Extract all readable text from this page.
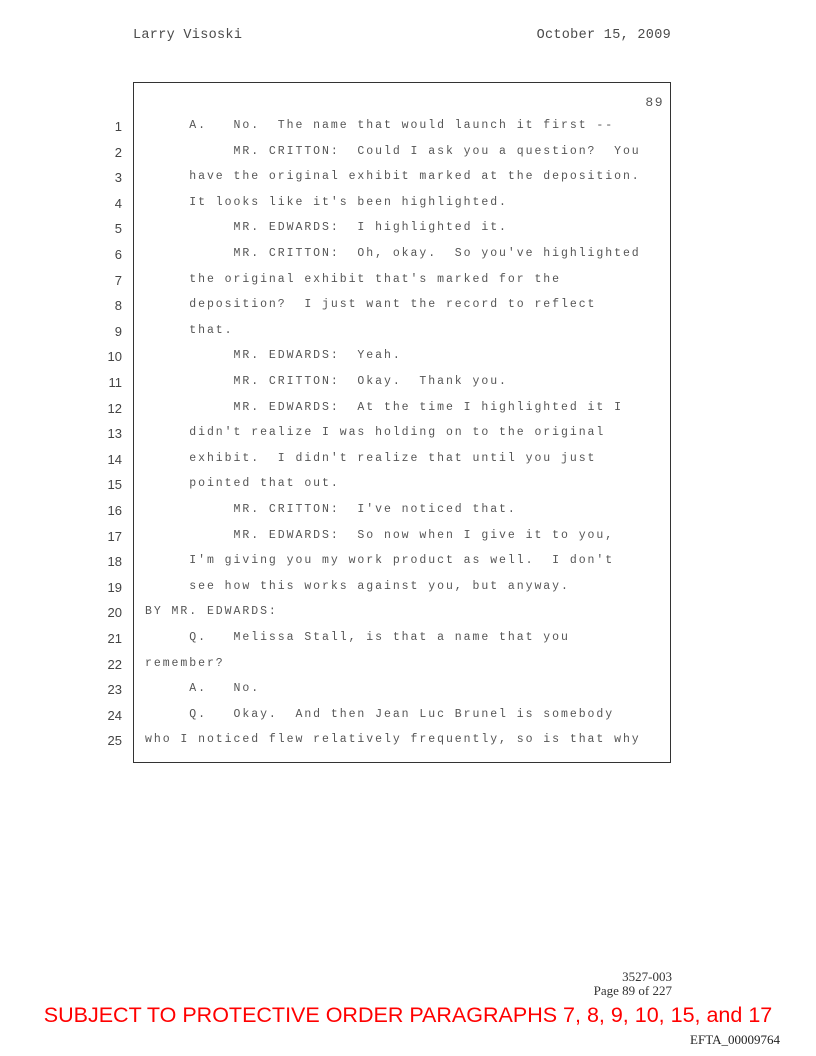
Larry Visoski	October 15, 2009
89
1 A.   No.  The name that would launch it first --
2 MR. CRITTON:  Could I ask you a question?  You
3 have the original exhibit marked at the deposition.
4 It looks like it's been highlighted.
5 MR. EDWARDS:  I highlighted it.
6 MR. CRITTON:  Oh, okay.  So you've highlighted
7 the original exhibit that's marked for the
8 deposition?  I just want the record to reflect
9 that.
10 MR. EDWARDS:  Yeah.
11 MR. CRITTON:  Okay.  Thank you.
12 MR. EDWARDS:  At the time I highlighted it I
13 didn't realize I was holding on to the original
14 exhibit.  I didn't realize that until you just
15 pointed that out.
16 MR. CRITTON:  I've noticed that.
17 MR. EDWARDS:  So now when I give it to you,
18 I'm giving you my work product as well.  I don't
19 see how this works against you, but anyway.
20 BY MR. EDWARDS:
21 Q.   Melissa Stall, is that a name that you
22 remember?
23 A.   No.
24 Q.   Okay.  And then Jean Luc Brunel is somebody
25 who I noticed flew relatively frequently, so is that why
3527-003
Page 89 of 227
SUBJECT TO PROTECTIVE ORDER PARAGRAPHS 7, 8, 9, 10, 15, and 17
EFTA_00009764
